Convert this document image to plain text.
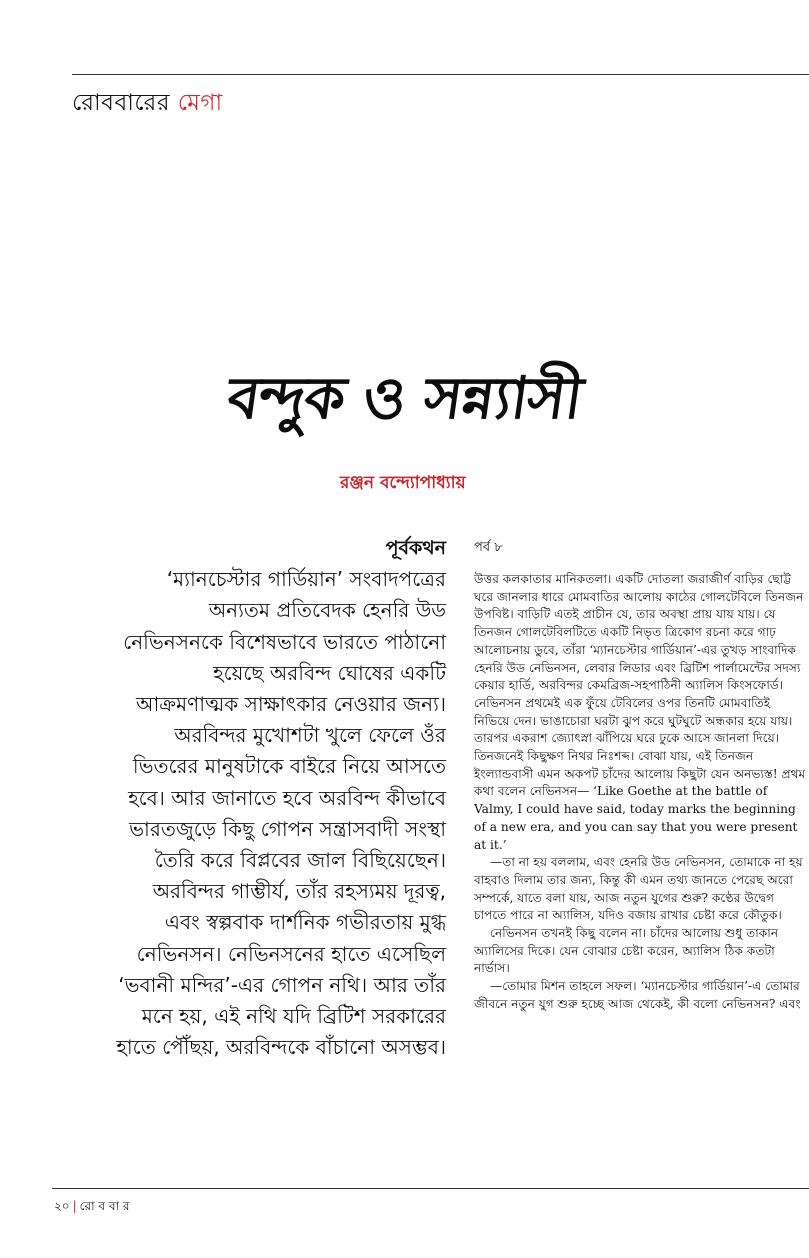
রোববারের মেগা
বন্দুক ও সন্ন্যাসী
রঞ্জন বন্দ্যোপাধ্যায়
পূর্বকথন
‘ম্যানচেস্টার গার্ডিয়ান’ সংবাদপত্রের অন্যতম প্রতিবেদক হেনরি উড নেভিনসনকে বিশেষভাবে ভারতে পাঠানো হয়েছে অরবিন্দ ঘোষের একটি আক্রমণাত্মক সাক্ষাৎকার নেওয়ার জন্য। অরবিন্দর মুখোশটা খুলে ফেলে ওঁর ভিতরের মানুষটাকে বাইরে নিয়ে আসতে হবে। আর জানাতে হবে অরবিন্দ কীভাবে ভারতজুড়ে কিছু গোপন সন্ত্রাসবাদী সংস্থা তৈরি করে বিপ্লবের জাল বিছিয়েছেন। অরবিন্দর গাম্ভীর্য, তাঁর রহস্যময় দূরত্ব, এবং স্বল্পবাক দার্শনিক গভীরতায় মুগ্ধ নেভিনসন। নেভিনসনের হাতে এসেছিল ‘ভবানী মন্দির’-এর গোপন নথি। আর তাঁর মনে হয়, এই নথি যদি ব্রিটিশ সরকারের হাতে পৌঁছয়, অরবিন্দকে বাঁচানো অসম্ভব।
পর্ব ৮

উত্তর কলকাতার মানিকতলা। একটি দোতলা জরাজীর্ণ বাড়ির ছোট্ট ঘরে জানলার ধারে মোমবাতির আলোয় কাঠের গোলটেবিলে তিনজন উপবিষ্ট। বাড়িটি এতই প্রাচীন যে, তার অবস্থা প্রায় যায় যায়। যে তিনজন গোলটেবিলটিতে একটি নিভৃত ত্রিকোণ রচনা করে গাঢ় আলোচনায় ডুবে, তাঁরা ‘ম্যানচেস্টার গার্ডিয়ান’-এর তুখড় সাংবাদিক হেনরি উড নেভিনসন, লেবার লিডার এবং ব্রিটিশ পার্লামেন্টের সদস্য কেয়ার হার্ডি, অরবিন্দর কেমব্রিজ-সহপাঠিনী অ্যালিস কিংসফোর্ড। নেভিনসন প্রথমেই এক ফুঁয়ে টেবিলের ওপর তিনটি মোমবাতিই নিভিয়ে দেন। ভাঙাচোরা ঘরটা ঝুপ করে ঘুটঘুটে অন্ধকার হয়ে যায়। তারপর একরাশ জ্যোৎস্না ঝাঁপিয়ে ঘরে ঢুকে আসে জানলা দিয়ে। তিনজনেই কিছুক্ষণ নিথর নিঃশব্দ। বোঝা যায়, এই তিনজন ইংল্যান্ডবাসী এমন অকপট চাঁদের আলোয় কিছুটা যেন অনভ্যস্ত! প্রথম কথা বলেন নেভিনসন— ‘Like Goethe at the battle of Valmy, I could have said, today marks the beginning of a new era, and you can say that you were present at it.’

—তা না হয় বললাম, এবং হেনরি উড নেভিনসন, তোমাকে না হয় বাহবাও দিলাম তার জন্য, কিন্তু কী এমন তথ্য জানতে পেরেছ অরো সম্পর্কে, যাতে বলা যায়, আজ নতুন যুগের শুরু? কণ্ঠের উদ্বেগ চাপতে পারে না অ্যালিস, যদিও বজায় রাখার চেষ্টা করে কৌতুক।

নেভিনসন তখনই কিছু বলেন না। চাঁদের আলোয় শুধু তাকান অ্যালিসের দিকে। যেন বোঝার চেষ্টা করেন, অ্যালিস ঠিক কতটা নার্ভাস।

—তোমার মিশন তাহলে সফল। ‘ম্যানচেস্টার গার্ডিয়ান’-এ তোমার জীবনে নতুন যুগ শুরু হচ্ছে আজ থেকেই, কী বলো নেভিনসন? এবং

২০ | রো ব বা র
